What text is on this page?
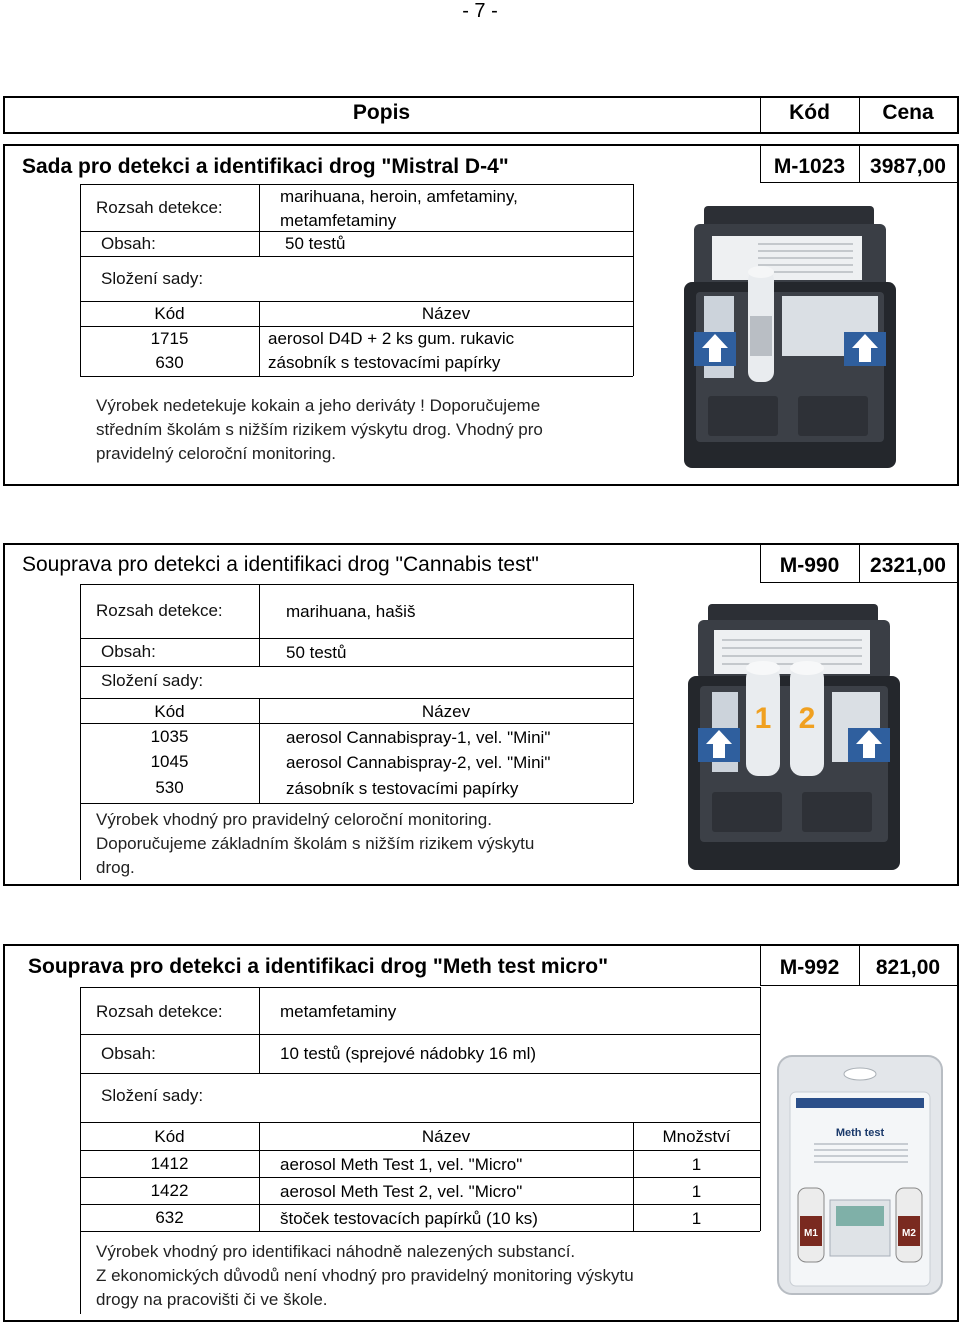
- 7 -
Popis	Kód	Cena
Sada pro detekci a identifikaci drog "Mistral D-4"	M-1023	3987,00
Rozsah detekce:
marihuana, heroin, amfetaminy,
metamfetaminy
Obsah:	50 testů
Složení sady:
Kód	Název
1715	aerosol D4D + 2 ks gum. rukavic
630	zásobník s testovacími papírky
Výrobek nedetekuje kokain a jeho deriváty ! Doporučujeme
středním školám s nižším rizikem výskytu drog. Vhodný pro
pravidelný celoroční monitoring.
Souprava pro detekci a identifikaci drog "Cannabis test"	M-990	2321,00
Rozsah detekce:	marihuana, hašiš
Obsah:	50 testů
Složení sady:
Kód	Název
1035	aerosol Cannabispray-1, vel. "Mini"
1045	aerosol Cannabispray-2, vel. "Mini"
530	zásobník s testovacími papírky
Výrobek vhodný pro pravidelný celoroční monitoring.
Doporučujeme základním školám s nižším rizikem výskytu
drog.
1 2
Souprava pro detekci a identifikaci drog "Meth test micro"	M-992	821,00
Rozsah detekce:	metamfetaminy
Obsah:	10 testů (sprejové nádobky 16 ml)
Složení sady:
Kód	Název	Množství
1412	aerosol Meth Test 1, vel. "Micro"	1
1422	aerosol Meth Test 2, vel. "Micro"	1
632	štoček testovacích papírků (10 ks)	1
Výrobek vhodný pro identifikaci náhodně nalezených substancí.
Z ekonomických důvodů není vhodný pro pravidelný monitoring výskytu
drogy na pracovišti či ve škole.
Meth test
M1	M2
